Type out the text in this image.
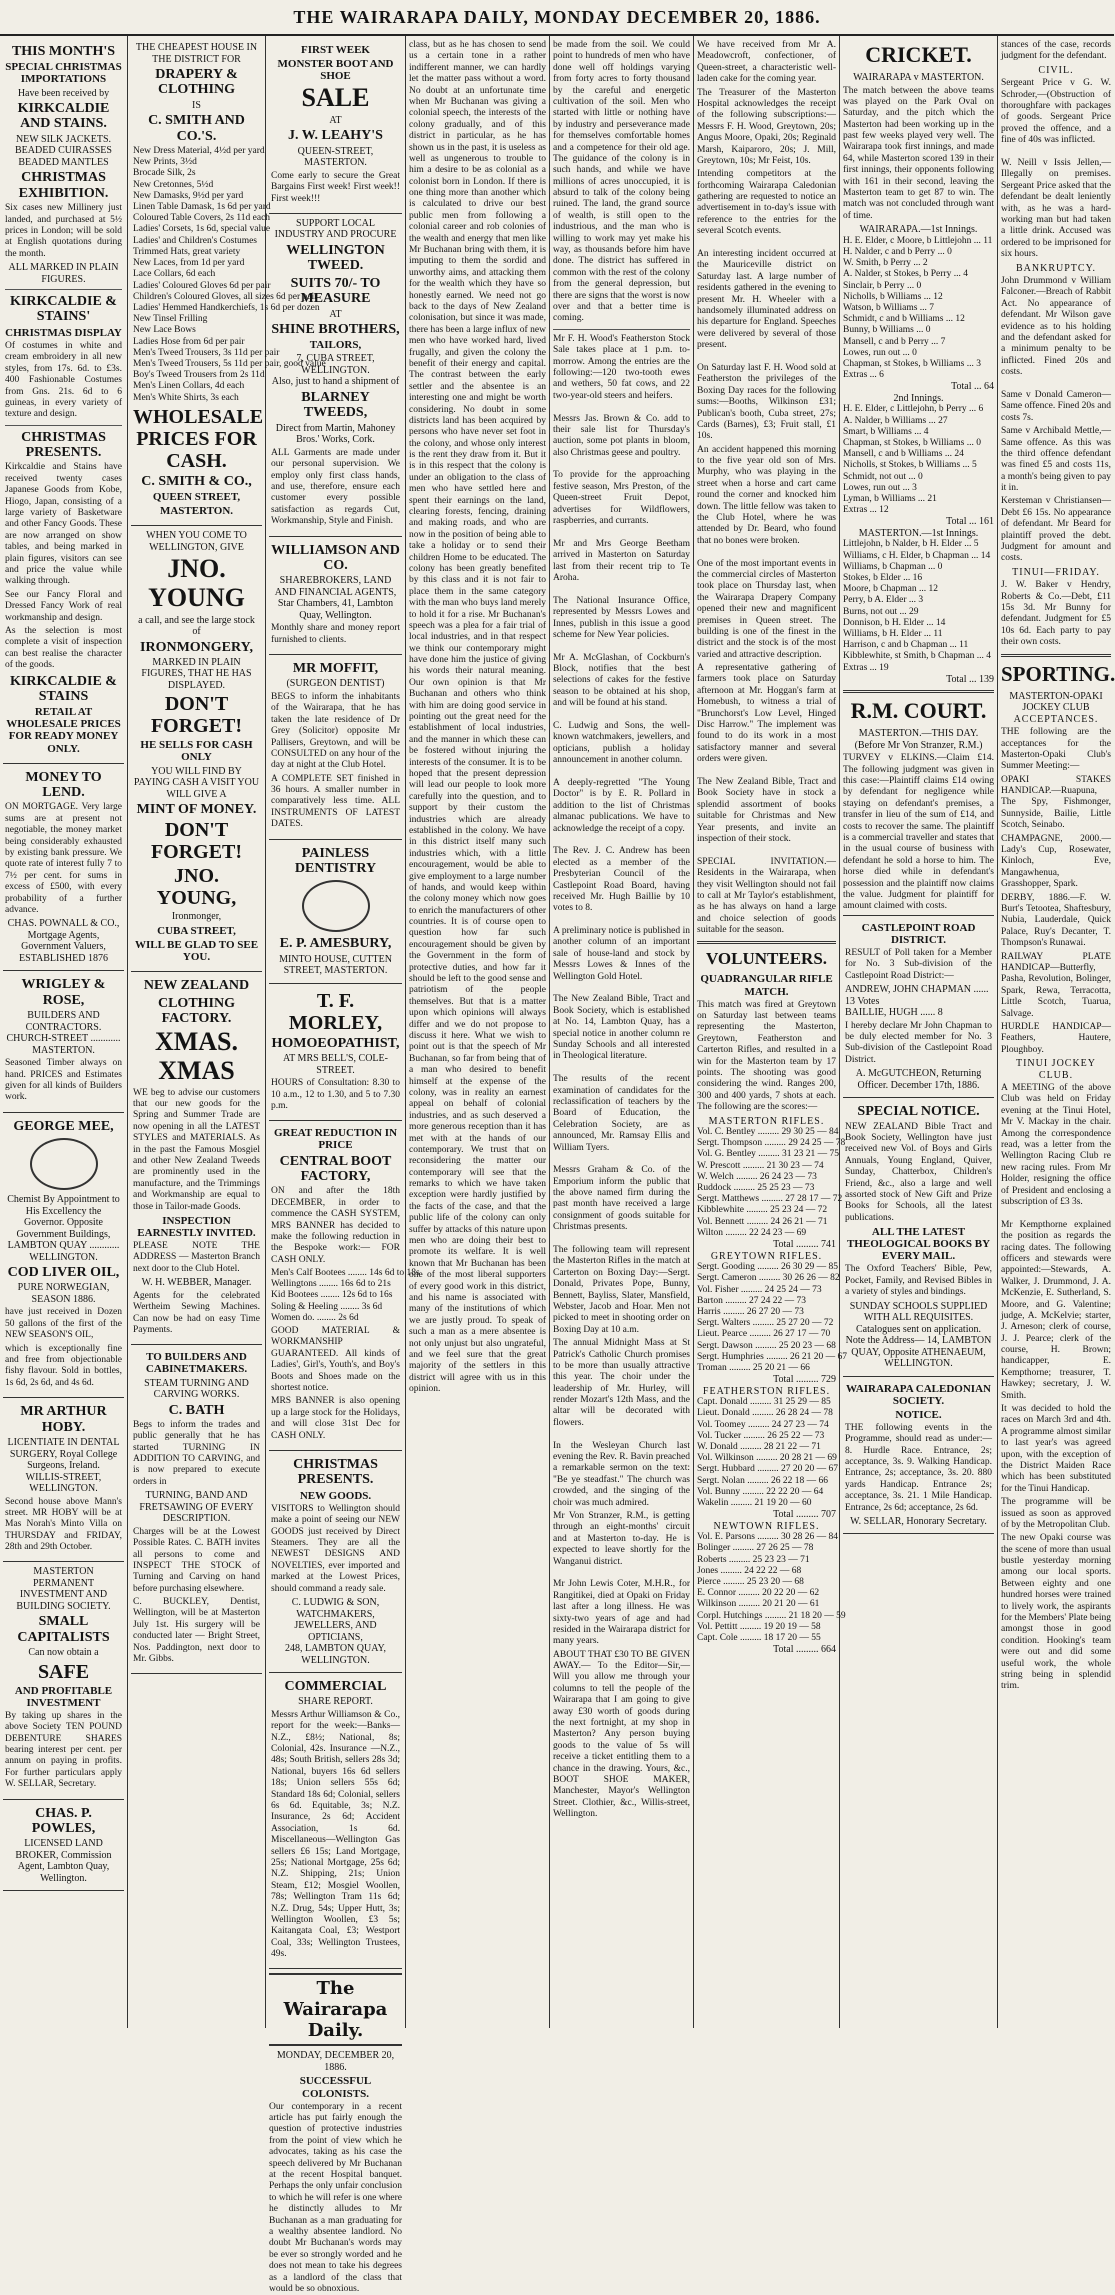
THE WAIRARAPA DAILY, MONDAY DECEMBER 20, 1886.
THIS MONTH'S
SPECIAL CHRISTMAS IMPORTATIONS
Have been received by
KIRKCALDIE AND STAINS.
NEW SILK JACKETS.
BEADED CUIRASSES
BEADED MANTLES
CHRISTMAS EXHIBITION.
Six cases new Millinery just landed, and purchased at 5½ prices in London; will be sold at English quotations during the month.
ALL MARKED IN PLAIN FIGURES.
KIRKCALDIE & STAINS'
CHRISTMAS DISPLAY
Of costumes in white and cream embroidery in all new styles, from 17s. 6d. to £3s. 400 Fashionable Costumes from Gns. 21s. 6d to 6 guineas, in every variety of texture and design.
CHRISTMAS PRESENTS.
Kirkcaldie and Stains have received twenty cases Japanese Goods from Kobe, Hiogo, Japan, consisting of a large variety of Basketware and other Fancy Goods. These are now arranged on show tables, and being marked in plain figures, visitors can see and price the value while walking through.
See our Fancy Floral and Dressed Fancy Work of real workmanship and design.
As the selection is most complete a visit of inspection can best realise the character of the goods.
KIRKCALDIE & STAINS
RETAIL AT WHOLESALE PRICES FOR READY MONEY ONLY.
MONEY TO LEND.
ON MORTGAGE. Very large sums are at present not negotiable, the money market being considerably exhausted by existing bank pressure. We quote rate of interest fully 7 to 7½ per cent. for sums in excess of £500, with every probability of a further advance.
CHAS. POWNALL & CO., Mortgage Agents, Government Valuers, ESTABLISHED 1876
WRIGLEY & ROSE,
BUILDERS AND CONTRACTORS.
CHURCH-STREET ............ MASTERTON.
Seasoned Timber always on hand. PRICES and Estimates given for all kinds of Builders work.
GEORGE MEE,
Chemist By Appointment to His Excellency the Governor. Opposite Government Buildings,
LAMBTON QUAY ............ WELLINGTON.
COD LIVER OIL,
PURE NORWEGIAN, SEASON 1886.
have just received in Dozen 50 gallons of the first of the NEW SEASON'S OIL,
which is exceptionally fine and free from objectionable fishy flavour. Sold in bottles, 1s 6d, 2s 6d, and 4s 6d.
MR ARTHUR HOBY.
LICENTIATE IN DENTAL SURGERY, Royal College Surgeons, Ireland.
WILLIS-STREET, WELLINGTON.
Second house above Mann's street. MR HOBY will be at Mas Norah's Minto Villa on THURSDAY and FRIDAY, 28th and 29th October.
MASTERTON PERMANENT INVESTMENT AND BUILDING SOCIETY.
SMALL CAPITALISTS
Can now obtain a
SAFE
AND PROFITABLE INVESTMENT
By taking up shares in the above Society TEN POUND DEBENTURE SHARES bearing interest per cent. per annum on paying in profits. For further particulars apply W. SELLAR, Secretary.
CHAS. P. POWLES,
LICENSED LAND BROKER, Commission Agent, Lambton Quay, Wellington.
THE CHEAPEST HOUSE IN THE DISTRICT FOR
DRAPERY & CLOTHING
IS
C. SMITH AND CO.'S.
New Dress Material, 4½d per yard
New Prints, 3½d
Brocade Silk, 2s
New Cretonnes, 5½d
New Damasks, 9½d per yard
Linen Table Damask, 1s 6d per yard
Coloured Table Covers, 2s 11d each
Ladies' Corsets, 1s 6d, special value
Ladies' and Children's Costumes
Trimmed Hats, great variety
New Laces, from 1d per yard
Lace Collars, 6d each
Ladies' Coloured Gloves 6d per pair
Children's Coloured Gloves, all sizes 6d per pair
Ladies' Hemmed Handkerchiefs, 1s 6d per dozen
New Tinsel Frilling
New Lace Bows
Ladies Hose from 6d per pair
Men's Tweed Trousers, 3s 11d per pair
Men's Tweed Trousers, 5s 11d per pair, good value
Boy's Tweed Trousers from 2s 11d
Men's Linen Collars, 4d each
Men's White Shirts, 3s each
WHOLESALE PRICES FOR CASH.
C. SMITH & CO.,
QUEEN STREET,
MASTERTON.
WHEN YOU COME TO WELLINGTON, GIVE
JNO. YOUNG
a call, and see the large stock of
IRONMONGERY,
MARKED IN PLAIN FIGURES, THAT HE HAS DISPLAYED.
DON'T FORGET!
HE SELLS FOR CASH ONLY
YOU WILL FIND BY PAYING CASH A VISIT YOU WILL GIVE A
MINT OF MONEY.
DON'T FORGET!
JNO. YOUNG,
Ironmonger,
CUBA STREET,
WILL BE GLAD TO SEE YOU.
NEW ZEALAND
CLOTHING FACTORY.
XMAS. XMAS
WE beg to advise our customers that our new goods for the Spring and Summer Trade are now opening in all the LATEST STYLES and MATERIALS. As in the past the Famous Mosgiel and other New Zealand Tweeds are prominently used in the manufacture, and the Trimmings and Workmanship are equal to those in Tailor-made Goods.
INSPECTION EARNESTLY INVITED.
PLEASE NOTE THE ADDRESS — Masterton Branch next door to the Club Hotel.
W. H. WEBBER, Manager.
Agents for the celebrated Wertheim Sewing Machines. Can now be had on easy Time Payments.
TO BUILDERS AND CABINETMAKERS.
STEAM TURNING AND CARVING WORKS.
C. BATH
Begs to inform the trades and public generally that he has started TURNING IN ADDITION TO CARVING, and is now prepared to execute orders in
TURNING, BAND AND FRETSAWING OF EVERY DESCRIPTION.
Charges will be at the Lowest Possible Rates. C. BATH invites all persons to come and INSPECT THE STOCK of Turning and Carving on hand before purchasing elsewhere.
C. BUCKLEY, Dentist, Wellington, will be at Masterton July 1st. His surgery will be conducted later — Bright Street, Nos. Paddington, next door to Mr. Gibbs.
FIRST WEEK
MONSTER BOOT AND SHOE
SALE
AT
J. W. LEAHY'S
QUEEN-STREET, MASTERTON.
Come early to secure the Great Bargains First week! First week!! First week!!!
SUPPORT LOCAL INDUSTRY AND PROCURE
WELLINGTON TWEED.
SUITS 70/- TO MEASURE
AT
SHINE BROTHERS,
TAILORS,
7, CUBA STREET, WELLINGTON.
Also, just to hand a shipment of
BLARNEY TWEEDS,
Direct from Martin, Mahoney Bros.' Works, Cork.
ALL Garments are made under our personal supervision. We employ only first class hands, and use, therefore, ensure each customer every possible satisfaction as regards Cut, Workmanship, Style and Finish.
WILLIAMSON AND CO.
SHAREBROKERS, LAND AND FINANCIAL AGENTS, Star Chambers, 41, Lambton Quay, Wellington.
Monthly share and money report furnished to clients.
MR MOFFIT,
(SURGEON DENTIST)
BEGS to inform the inhabitants of the Wairarapa, that he has taken the late residence of Dr Grey (Solicitor) opposite Mr Pallisers, Greytown, and will be CONSULTED on any hour of the day at night at the Club Hotel.
A COMPLETE SET finished in 36 hours. A smaller number in comparatively less time. ALL INSTRUMENTS OF LATEST DATES.
PAINLESS DENTISTRY
E. P. AMESBURY,
MINTO HOUSE, CUTTEN STREET, MASTERTON.
T. F. MORLEY,
HOMOEOPATHIST,
AT MRS BELL'S, COLE-STREET.
HOURS of Consultation: 8.30 to 10 a.m., 12 to 1.30, and 5 to 7.30 p.m.
GREAT REDUCTION IN PRICE
CENTRAL BOOT FACTORY,
ON and after the 18th DECEMBER, in order to commence the CASH SYSTEM, MRS BANNER has decided to make the following reduction in the Bespoke work:— FOR CASH ONLY.
Men's Calf Bootees ........ 14s 6d to 18s
Wellingtons ........ 16s 6d to 21s
Kid Bootees ........ 12s 6d to 16s
Soling & Heeling ........ 3s 6d
Women do. ........ 2s 6d
GOOD MATERIAL & WORKMANSHIP GUARANTEED. All kinds of Ladies', Girl's, Youth's, and Boy's Boots and Shoes made on the shortest notice.
MRS BANNER is also opening up a large stock for the Holidays, and will close 31st Dec for CASH ONLY.
CHRISTMAS PRESENTS.
NEW GOODS.
VISITORS to Wellington should make a point of seeing our NEW GOODS just received by Direct Steamers. They are all the NEWEST DESIGNS AND NOVELTIES, ever imported and marked at the Lowest Prices, should command a ready sale.
C. LUDWIG & SON, WATCHMAKERS, JEWELLERS, AND OPTICIANS,
248, LAMBTON QUAY, WELLINGTON.
COMMERCIAL
SHARE REPORT.
Messrs Arthur Williamson & Co., report for the week:—Banks—N.Z., £8½; National, 8s; Colonial, 42s. Insurance —N.Z., 48s; South British, sellers 28s 3d; National, buyers 16s 6d sellers 18s; Union sellers 55s 6d; Standard 18s 6d; Colonial, sellers 6s 6d. Equitable, 3s; N.Z. Insurance, 2s 6d; Accident Association, 1s 6d. Miscellaneous—Wellington Gas sellers £6 15s; Land Mortgage, 25s; National Mortgage, 25s 6d; N.Z. Shipping, 21s; Union Steam, £12; Mosgiel Woollen, 78s; Wellington Tram 11s 6d; N.Z. Drug, 54s; Upper Hutt, 3s; Wellington Woollen, £3 5s; Kaitangata Coal, £3; Westport Coal, 33s; Wellington Trustees, 49s.
The Wairarapa Daily.
MONDAY, DECEMBER 20, 1886.
SUCCESSFUL COLONISTS.
Our contemporary in a recent article has put fairly enough the question of protective industries from the point of view which he advocates, taking as his case the speech delivered by Mr Buchanan at the recent Hospital banquet. Perhaps the only unfair conclusion to which he will refer is one where he distinctly alludes to Mr Buchanan as a man graduating for a wealthy absentee landlord. No doubt Mr Buchanan's words may be ever so strongly worded and he does not mean to take his degrees as a landlord of the class that would be so obnoxious.
class, but as he has chosen to send us a certain tone in a rather indifferent manner, we can hardly let the matter pass without a word. No doubt at an unfortunate time when Mr Buchanan was giving a colonial speech, the interests of the colony gradually, and of this district in particular, as he has shown us in the past, it is useless as well as ungenerous to trouble to him a desire to be as colonial as a colonist born in London. If there is one thing more than another which is calculated to drive our best public men from following a colonial career and rob colonies of the wealth and energy that men like Mr Buchanan bring with them, it is imputing to them the sordid and unworthy aims, and attacking them for the wealth which they have so honestly earned. We need not go back to the days of New Zealand colonisation, but since it was made, there has been a large influx of new men who have worked hard, lived frugally, and given the colony the benefit of their energy and capital. The contrast between the early settler and the absentee is an interesting one and might be worth considering. No doubt in some districts land has been acquired by persons who have never set foot in the colony, and whose only interest is the rent they draw from it. But it is in this respect that the colony is under an obligation to the class of men who have settled here and spent their earnings on the land, clearing forests, fencing, draining and making roads, and who are now in the position of being able to take a holiday or to send their children Home to be educated. The colony has been greatly benefited by this class and it is not fair to place them in the same category with the man who buys land merely to hold it for a rise. Mr Buchanan's speech was a plea for a fair trial of local industries, and in that respect we think our contemporary might have done him the justice of giving his words their natural meaning. Our own opinion is that Mr Buchanan and others who think with him are doing good service in pointing out the great need for the establishment of local industries, and the manner in which these can be fostered without injuring the interests of the consumer. It is to be hoped that the present depression will lead our people to look more carefully into the question, and to support by their custom the industries which are already established in the colony. We have in this district itself many such industries which, with a little encouragement, would be able to give employment to a large number of hands, and would keep within the colony money which now goes to enrich the manufacturers of other countries. It is of course open to question how far such encouragement should be given by the Government in the form of protective duties, and how far it should be left to the good sense and patriotism of the people themselves. But that is a matter upon which opinions will always differ and we do not propose to discuss it here. What we wish to point out is that the speech of Mr Buchanan, so far from being that of a man who desired to benefit himself at the expense of the colony, was in reality an earnest appeal on behalf of colonial industries, and as such deserved a more generous reception than it has met with at the hands of our contemporary. We trust that on reconsidering the matter our contemporary will see that the remarks to which we have taken exception were hardly justified by the facts of the case, and that the public life of the colony can only suffer by attacks of this nature upon men who are doing their best to promote its welfare. It is well known that Mr Buchanan has been one of the most liberal supporters of every good work in this district, and his name is associated with many of the institutions of which we are justly proud. To speak of such a man as a mere absentee is not only unjust but also ungrateful, and we feel sure that the great majority of the settlers in this district will agree with us in this opinion.
be made from the soil. We could point to hundreds of men who have done well off holdings varying from forty acres to forty thousand by the careful and energetic cultivation of the soil. Men who started with little or nothing have by industry and perseverance made for themselves comfortable homes and a competence for their old age. The guidance of the colony is in such hands, and while we have millions of acres unoccupied, it is absurd to talk of the colony being ruined. The land, the grand source of wealth, is still open to the industrious, and the man who is willing to work may yet make his way, as thousands before him have done. The district has suffered in common with the rest of the colony from the general depression, but there are signs that the worst is now over and that a better time is coming.
Mr F. H. Wood's Featherston Stock Sale takes place at 1 p.m. to-morrow. Among the entries are the following:—120 two-tooth ewes and wethers, 50 fat cows, and 22 two-year-old steers and heifers.

Messrs Jas. Brown & Co. add to their sale list for Thursday's auction, some pot plants in bloom, also Christmas geese and poultry.

To provide for the approaching festive season, Mrs Preston, of the Queen-street Fruit Depot, advertises for Wildflowers, raspberries, and currants.

Mr and Mrs George Beetham arrived in Masterton on Saturday last from their recent trip to Te Aroha.

The National Insurance Office, represented by Messrs Lowes and Innes, publish in this issue a good scheme for New Year policies.

Mr A. McGlashan, of Cockburn's Block, notifies that the best selections of cakes for the festive season to be obtained at his shop, and will be found at his stand.

C. Ludwig and Sons, the well-known watchmakers, jewellers, and opticians, publish a holiday announcement in another column.

A deeply-regretted "The Young Doctor" is by E. R. Pollard in addition to the list of Christmas almanac publications. We have to acknowledge the receipt of a copy.

The Rev. J. C. Andrew has been elected as a member of the Presbyterian Council of the Castlepoint Road Board, having received Mr. Hugh Baillie by 10 votes to 8.

A preliminary notice is published in another column of an important sale of house-land and stock by Messrs Lowes & Innes of the Wellington Gold Hotel.

The New Zealand Bible, Tract and Book Society, which is established at No. 14, Lambton Quay, has a special notice in another column re Sunday Schools and all interested in Theological literature.

The results of the recent examination of candidates for the reclassification of teachers by the Board of Education, the Celebration Society, are as announced, Mr. Ramsay Ellis and William Tyers.

Messrs Graham & Co. of the Emporium inform the public that the above named firm during the past month have received a large consignment of goods suitable for Christmas presents.

The following team will represent the Masterton Rifles in the match at Carterton on Boxing Day:—Sergt. Donald, Privates Pope, Bunny, Bennett, Bayliss, Slater, Mansfield, Webster, Jacob and Hoar. Men not picked to meet in shooting order on Boxing Day at 10 a.m.
The annual Midnight Mass at St Patrick's Catholic Church promises to be more than usually attractive this year. The choir under the leadership of Mr. Hurley, will render Mozart's 12th Mass, and the altar will be decorated with flowers.

In the Wesleyan Church last evening the Rev. R. Bavin preached a remarkable sermon on the text: "Be ye steadfast." The church was crowded, and the singing of the choir was much admired.
Mr Von Stranzer, R.M., is getting through an eight-months' circuit and at Masterton to-day. He is expected to leave shortly for the Wanganui district.

Mr John Lewis Coter, M.H.R., for Rangitikei, died at Opaki on Friday last after a long illness. He was sixty-two years of age and had resided in the Wairarapa district for many years.
ABOUT THAT £30 TO BE GIVEN AWAY.— To the Editor—Sir,—Will you allow me through your columns to tell the people of the Wairarapa that I am going to give away £30 worth of goods during the next fortnight, at my shop in Masterton? Any person buying goods to the value of 5s will receive a ticket entitling them to a chance in the drawing. Yours, &c., BOOT SHOE MAKER, Manchester, Mayor's Wellington Street. Clothier, &c., Willis-street, Wellington.
We have received from Mr A. Meadowcroft, confectioner, of Queen-street, a characteristic well-laden cake for the coming year.
The Treasurer of the Masterton Hospital acknowledges the receipt of the following subscriptions:—Messrs F. H. Wood, Greytown, 20s; Angus Moore, Opaki, 20s; Reginald Marsh, Kaiparoro, 20s; J. Mill, Greytown, 10s; Mr Feist, 10s.
Intending competitors at the forthcoming Wairarapa Caledonian gathering are requested to notice an advertisement in to-day's issue with reference to the entries for the several Scotch events.

An interesting incident occurred at the Mauriceville district on Saturday last. A large number of residents gathered in the evening to present Mr. H. Wheeler with a handsomely illuminated address on his departure for England. Speeches were delivered by several of those present.

On Saturday last F. H. Wood sold at Featherston the privileges of the Boxing Day races for the following sums:—Booths, Wilkinson £31; Publican's booth, Cuba street, 27s; Cards (Barnes), £3; Fruit stall, £1 10s.
An accident happened this morning to the five year old son of Mrs. Murphy, who was playing in the street when a horse and cart came round the corner and knocked him down. The little fellow was taken to the Club Hotel, where he was attended by Dr. Beard, who found that no bones were broken.

One of the most important events in the commercial circles of Masterton took place on Thursday last, when the Wairarapa Drapery Company opened their new and magnificent premises in Queen street. The building is one of the finest in the district and the stock is of the most varied and attractive description.
A representative gathering of farmers took place on Saturday afternoon at Mr. Hoggan's farm at Homebush, to witness a trial of "Brunchorst's Low Level, Hinged Disc Harrow." The implement was found to do its work in a most satisfactory manner and several orders were given.

The New Zealand Bible, Tract and Book Society have in stock a splendid assortment of books suitable for Christmas and New Year presents, and invite an inspection of their stock.

SPECIAL INVITATION.—Residents in the Wairarapa, when they visit Wellington should not fail to call at Mr Taylor's establishment, as he has always on hand a large and choice selection of goods suitable for the season.
VOLUNTEERS.
QUADRANGULAR RIFLE MATCH.
This match was fired at Greytown on Saturday last between teams representing the Masterton, Greytown, Featherston and Carterton Rifles, and resulted in a win for the Masterton team by 17 points. The shooting was good considering the wind. Ranges 200, 300 and 400 yards, 7 shots at each. The following are the scores:—
MASTERTON RIFLES.
Vol. C. Bentley ......... 29 30 25 — 84
Sergt. Thompson ......... 29 24 25 — 78
Vol. G. Bentley ......... 31 23 21 — 75
W. Prescott ......... 21 30 23 — 74
W. Welch ......... 26 24 23 — 73
Ruddock ......... 25 25 23 — 73
Sergt. Matthews ......... 27 28 17 — 72
Kibblewhite ......... 25 23 24 — 72
Vol. Bennett ......... 24 26 21 — 71
Wilton ......... 22 24 23 — 69
Total ......... 741
GREYTOWN RIFLES.
Sergt. Gooding ......... 26 30 29 — 85
Sergt. Cameron ......... 30 26 26 — 82
Vol. Fisher ......... 24 25 24 — 73
Barton ......... 27 24 22 — 73
Harris ......... 26 27 20 — 73
Sergt. Walters ......... 25 27 20 — 72
Lieut. Pearce ......... 26 27 17 — 70
Sergt. Dawson ......... 25 20 23 — 68
Sergt. Humphries ......... 26 21 20 — 67
Troman ......... 25 20 21 — 66
Total ......... 729
FEATHERSTON RIFLES.
Capt. Donald ......... 31 25 29 — 85
Lieut. Donald ......... 26 28 24 — 78
Vol. Toomey ......... 24 27 23 — 74
Vol. Tucker ......... 26 25 22 — 73
W. Donald ......... 28 21 22 — 71
Vol. Wilkinson ......... 20 28 21 — 69
Sergt. Hubbard ......... 27 20 20 — 67
Sergt. Nolan ......... 26 22 18 — 66
Vol. Bunny ......... 22 22 20 — 64
Wakelin ......... 21 19 20 — 60
Total ......... 707
NEWTOWN RIFLES.
Vol. E. Parsons ......... 30 28 26 — 84
Bolinger ......... 27 26 25 — 78
Roberts ......... 25 23 23 — 71
Jones ......... 24 22 22 — 68
Pierce ......... 25 23 20 — 68
E. Connor ......... 20 22 20 — 62
Wilkinson ......... 20 21 20 — 61
Corpl. Hutchings ......... 21 18 20 — 59
Vol. Pettitt ......... 19 20 19 — 58
Capt. Cole ......... 18 17 20 — 55
Total ......... 664
CRICKET.
WAIRARAPA v MASTERTON.
The match between the above teams was played on the Park Oval on Saturday, and the pitch which the Masterton had been working up in the past few weeks played very well. The Wairarapa took first innings, and made 64, while Masterton scored 139 in their first innings, their opponents following with 161 in their second, leaving the Masterton team to get 87 to win. The match was not concluded through want of time.
WAIRARAPA.—1st Innings.
H. E. Elder, c Moore, b Littlejohn ... 11
H. Nalder, c and b Perry ... 0
W. Smith, b Perry ... 2
A. Nalder, st Stokes, b Perry ... 4
Sinclair, b Perry ... 0
Nicholls, b Williams ... 12
Watson, b Williams ... 7
Schmidt, c and b Williams ... 12
Bunny, b Williams ... 0
Mansell, c and b Perry ... 7
Lowes, run out ... 0
Chapman, st Stokes, b Williams ... 3
Extras ... 6
Total ... 64
2nd Innings.
H. E. Elder, c Littlejohn, b Perry ... 6
A. Nalder, b Williams ... 27
Smart, b Williams ... 4
Chapman, st Stokes, b Williams ... 0
Mansell, c and b Williams ... 24
Nicholls, st Stokes, b Williams ... 5
Schmidt, not out ... 0
Lowes, run out ... 3
Lyman, b Williams ... 21
Extras ... 12
Total ... 161
MASTERTON.—1st Innings.
Littlejohn, b Nalder, b H. Elder ... 5
Williams, c H. Elder, b Chapman ... 14
Williams, b Chapman ... 0
Stokes, b Elder ... 16
Moore, b Chapman ... 12
Perry, b A. Elder ... 3
Burns, not out ... 29
Donnison, b H. Elder ... 14
Williams, b H. Elder ... 11
Harrison, c and b Chapman ... 11
Kibblewhite, st Smith, b Chapman ... 4
Extras ... 19
Total ... 139
R.M. COURT.
MASTERTON.—THIS DAY.
(Before Mr Von Stranzer, R.M.)
TURVEY v ELKINS.—Claim £14. The following judgment was given in this case:—Plaintiff claims £14 owing by defendant for negligence while staying on defendant's premises, a transfer in lieu of the sum of £14, and costs to recover the same. The plaintiff is a commercial traveller and states that in the usual course of business with defendant he sold a horse to him. The horse died while in defendant's possession and the plaintiff now claims the value. Judgment for plaintiff for amount claimed with costs.
CASTLEPOINT ROAD DISTRICT.
RESULT of Poll taken for a Member for No. 3 Sub-division of the Castlepoint Road District:—
ANDREW, JOHN CHAPMAN ...... 13 Votes
BAILLIE, HUGH ...... 8
I hereby declare Mr John Chapman to be duly elected member for No. 3 Sub-division of the Castlepoint Road District.
A. McGUTCHEON, Returning Officer. December 17th, 1886.
SPECIAL NOTICE.
NEW ZEALAND Bible Tract and Book Society, Wellington have just received new Vol. of Boys and Girls Annuals, Young England, Quiver, Sunday, Chatterbox, Children's Friend, &c., also a large and well assorted stock of New Gift and Prize Books for Schools, all the latest publications.
ALL THE LATEST THEOLOGICAL BOOKS BY EVERY MAIL.
The Oxford Teachers' Bible, Pew, Pocket, Family, and Revised Bibles in a variety of styles and bindings.
SUNDAY SCHOOLS SUPPLIED WITH ALL REQUISITES. Catalogues sent on application.
Note the Address— 14, LAMBTON QUAY, Opposite ATHENAEUM, WELLINGTON.
WAIRARAPA CALEDONIAN SOCIETY.
NOTICE.
THE following events in the Programme, should read as under:— 8. Hurdle Race. Entrance, 2s; acceptance, 3s. 9. Walking Handicap. Entrance, 2s; acceptance, 3s. 20. 880 yards Handicap. Entrance 2s; acceptance, 3s. 21. 1 Mile Handicap. Entrance, 2s 6d; acceptance, 2s 6d.
W. SELLAR, Honorary Secretary.
stances of the case, records judgment for the defendant.
CIVIL.
Sergeant Price v G. W. Schroder,—(Obstruction of thoroughfare with packages of goods. Sergeant Price proved the offence, and a fine of 40s was inflicted.

W. Neill v Issis Jellen,—Illegally on premises. Sergeant Price asked that the defendant be dealt leniently with, as he was a hard-working man but had taken a little drink. Accused was ordered to be imprisoned for six hours.
BANKRUPTCY.
John Drummond v William Falconer.—Breach of Rabbit Act. No appearance of defendant. Mr Wilson gave evidence as to his holding and the defendant asked for a minimum penalty to be inflicted. Fined 20s and costs.

Same v Donald Cameron—Same offence. Fined 20s and costs 7s.
Same v Archibald Mettle,—Same offence. As this was the third offence defendant was fined £5 and costs 11s, a month's being given to pay it in.
Kersteman v Christiansen—Debt £6 15s. No appearance of defendant. Mr Beard for plaintiff proved the debt. Judgment for amount and costs.
TINUI—FRIDAY.
J. W. Baker v Hendry, Roberts & Co.—Debt, £11 15s 3d. Mr Bunny for defendant. Judgment for £5 10s 6d. Each party to pay their own costs.
SPORTING.
MASTERTON-OPAKI JOCKEY CLUB
ACCEPTANCES.
THE following are the acceptances for the Masterton-Opaki Club's Summer Meeting:—
OPAKI STAKES HANDICAP.—Ruapuna, The Spy, Fishmonger, Sunnyside, Bailie, Little Scotch, Seinabo.
CHAMPAGNE, 2000.—Lady's Cup, Rosewater, Kinloch, Eve, Mangawhenua, Grasshopper, Spark.
DERBY, 1886.—F. W. Burt's Tetootea, Shaftesbury, Nubia, Lauderdale, Quick Palace, Ruy's Decanter, T. Thompson's Runawai.
RAILWAY PLATE HANDICAP—Butterfly, Pasha, Revolution, Bolinger, Spark, Rewa, Terracotta, Little Scotch, Tuarua, Salvage.
HURDLE HANDICAP—Feathers, Hautere, Ploughboy.
TINUI JOCKEY CLUB.
A MEETING of the above Club was held on Friday evening at the Tinui Hotel, Mr V. Mackay in the chair. Among the correspondence read, was a letter from the Wellington Racing Club re new racing rules. From Mr Holder, resigning the office of President and enclosing a subscription of £3 3s.

Mr Kempthorne explained the position as regards the racing dates. The following officers and stewards were appointed:—Stewards, A. Walker, J. Drummond, J. A. McKenzie, E. Sutherland, S. Moore, and G. Valentine; judge, A. McKelvie; starter, J. Arneson; clerk of course, J. J. Pearce; clerk of the course, H. Brown; handicapper, E. Kempthorne; treasurer, T. Hawkey; secretary, J. W. Smith.
It was decided to hold the races on March 3rd and 4th. A programme almost similar to last year's was agreed upon, with the exception of the District Maiden Race which has been substituted for the Tinui Handicap.
The programme will be issued as soon as approved of by the Metropolitan Club.
The new Opaki course was the scene of more than usual bustle yesterday morning among our local sports. Between eighty and one hundred horses were trained to lively work, the aspirants for the Members' Plate being amongst those in good condition. Hooking's team were out and did some useful work, the whole string being in splendid trim.
